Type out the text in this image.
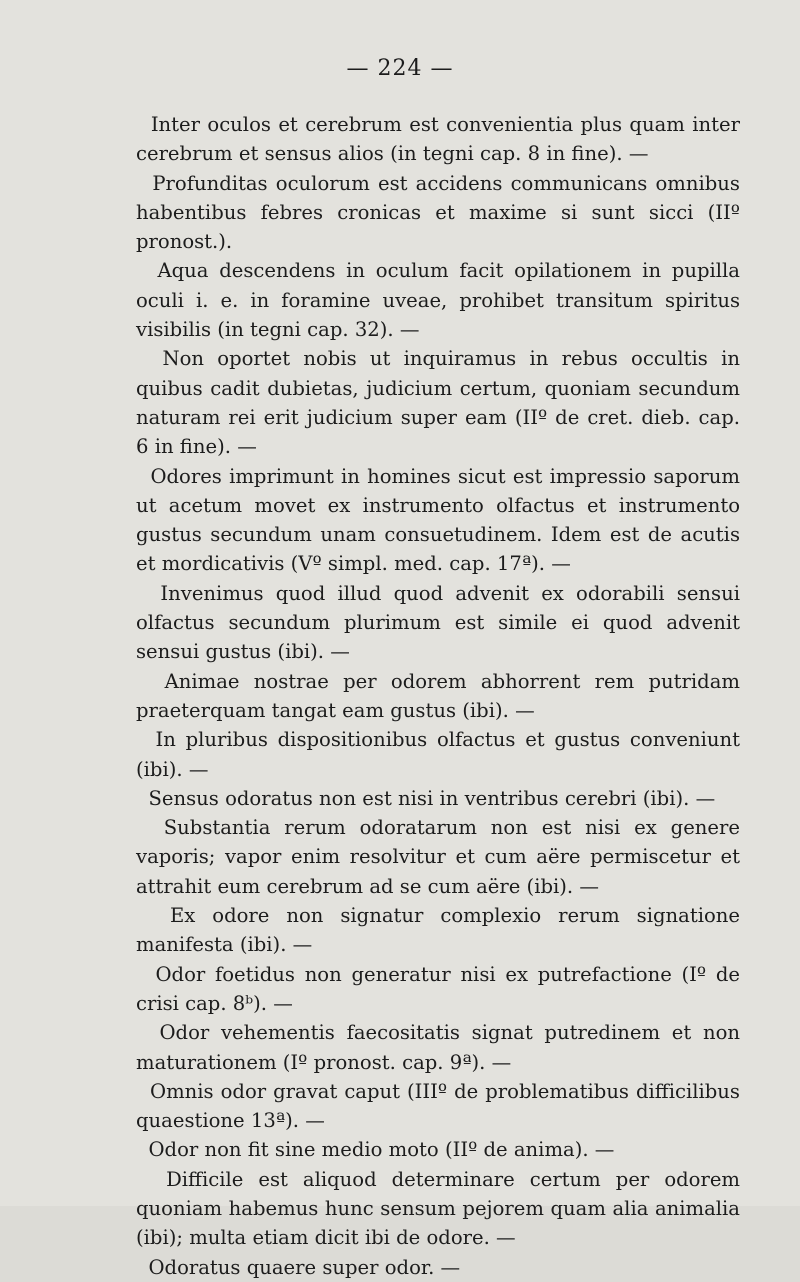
— 224 —
Inter oculos et cerebrum est convenientia plus quam inter cerebrum et sensus alios (in tegni cap. 8 in fine). —
Profunditas oculorum est accidens communicans omnibus habentibus febres cronicas et maxime si sunt sicci (IIº pronost.).
Aqua descendens in oculum facit opilationem in pupilla oculi i. e. in foramine uveae, prohibet transitum spiritus visibilis (in tegni cap. 32). —
Non oportet nobis ut inquiramus in rebus occultis in quibus cadit dubietas, judicium certum, quoniam secundum naturam rei erit judicium super eam (IIº de cret. dieb. cap. 6 in fine). —
Odores imprimunt in homines sicut est impressio saporum ut acetum movet ex instrumento olfactus et instrumento gustus secundum unam consuetudinem. Idem est de acutis et mordicativis (Vº simpl. med. cap. 17ª). —
Invenimus quod illud quod advenit ex odorabili sensui olfactus secundum plurimum est simile ei quod advenit sensui gustus (ibi). —
Animae nostrae per odorem abhorrent rem putridam praeterquam tangat eam gustus (ibi). —
In pluribus dispositionibus olfactus et gustus conveniunt (ibi). —
Sensus odoratus non est nisi in ventribus cerebri (ibi). —
Substantia rerum odoratarum non est nisi ex genere vaporis; vapor enim resolvitur et cum aëre permiscetur et attrahit eum cerebrum ad se cum aëre (ibi). —
Ex odore non signatur complexio rerum signatione manifesta (ibi). —
Odor foetidus non generatur nisi ex putrefactione (Iº de crisi cap. 8ᵇ). —
Odor vehementis faecositatis signat putredinem et non maturationem (Iº pronost. cap. 9ª). —
Omnis odor gravat caput (IIIº de problematibus difficilibus quaestione 13ª). —
Odor non fit sine medio moto (IIº de anima). —
Difficile est aliquod determinare certum per odorem quoniam habemus hunc sensum pejorem quam alia animalia (ibi); multa etiam dicit ibi de odore. —
Odoratus quaere super odor. —
